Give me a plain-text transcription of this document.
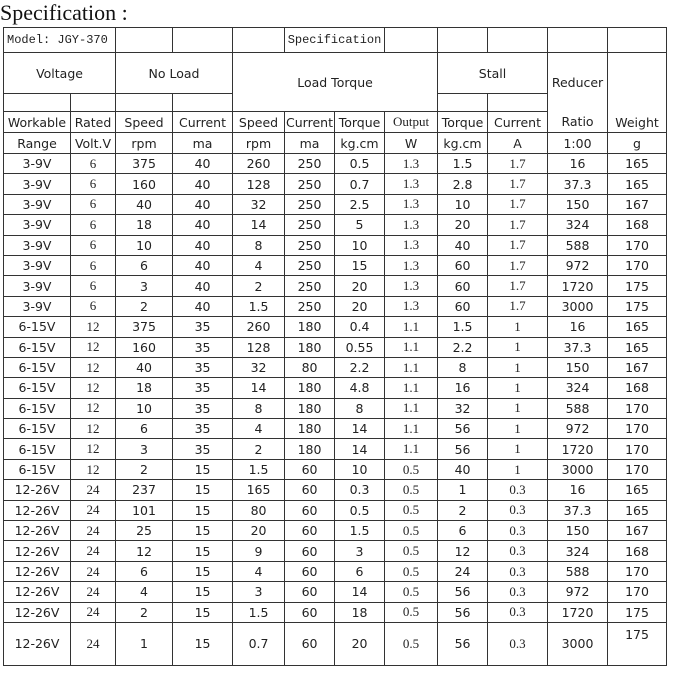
Specification :
Model: JGY-370					Specification						
Voltage		No Load		Load Torque				Stall		Reducer	Weight

Workable	Rated	Speed	Current	Speed	Current	Torque	Output	Torque	Current	Ratio	
Range	Volt.V	rpm	ma	rpm	ma	kg.cm	W	kg.cm	A	1:00	g
3-9V	6	375	40	260	250	0.5	1.3	1.5	1.7	16	165
3-9V	6	160	40	128	250	0.7	1.3	2.8	1.7	37.3	165
3-9V	6	40	40	32	250	2.5	1.3	10	1.7	150	167
3-9V	6	18	40	14	250	5	1.3	20	1.7	324	168
3-9V	6	10	40	8	250	10	1.3	40	1.7	588	170
3-9V	6	6	40	4	250	15	1.3	60	1.7	972	170
3-9V	6	3	40	2	250	20	1.3	60	1.7	1720	175
3-9V	6	2	40	1.5	250	20	1.3	60	1.7	3000	175
6-15V	12	375	35	260	180	0.4	1.1	1.5	1	16	165
6-15V	12	160	35	128	180	0.55	1.1	2.2	1	37.3	165
6-15V	12	40	35	32	80	2.2	1.1	8	1	150	167
6-15V	12	18	35	14	180	4.8	1.1	16	1	324	168
6-15V	12	10	35	8	180	8	1.1	32	1	588	170
6-15V	12	6	35	4	180	14	1.1	56	1	972	170
6-15V	12	3	35	2	180	14	1.1	56	1	1720	170
6-15V	12	2	15	1.5	60	10	0.5	40	1	3000	170
12-26V	24	237	15	165	60	0.3	0.5	1	0.3	16	165
12-26V	24	101	15	80	60	0.5	0.5	2	0.3	37.3	165
12-26V	24	25	15	20	60	1.5	0.5	6	0.3	150	167
12-26V	24	12	15	9	60	3	0.5	12	0.3	324	168
12-26V	24	6	15	4	60	6	0.5	24	0.3	588	170
12-26V	24	4	15	3	60	14	0.5	56	0.3	972	170
12-26V	24	2	15	1.5	60	18	0.5	56	0.3	1720	175
12-26V	24	1	15	0.7	60	20	0.5	56	0.3	3000	175
